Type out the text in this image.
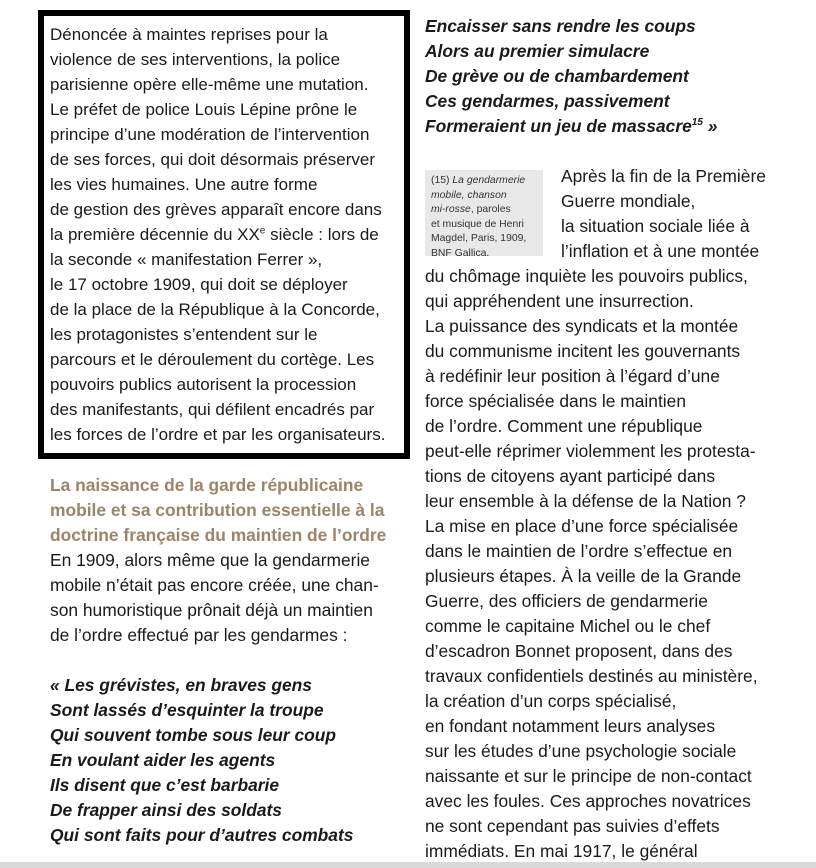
Dénoncée à maintes reprises pour la
violence de ses interventions, la police
parisienne opère elle-même une mutation.
Le préfet de police Louis Lépine prône le
principe d’une modération de l’intervention
de ses forces, qui doit désormais préserver
les vies humaines. Une autre forme
de gestion des grèves apparaît encore dans
la première décennie du XXe siècle : lors de
la seconde « manifestation Ferrer »,
le 17 octobre 1909, qui doit se déployer
de la place de la République à la Concorde,
les protagonistes s’entendent sur le
parcours et le déroulement du cortège. Les
pouvoirs publics autorisent la procession
des manifestants, qui défilent encadrés par
les forces de l’ordre et par les organisateurs.
La naissance de la garde républicaine
mobile et sa contribution essentielle à la
doctrine française du maintien de l’ordre
En 1909, alors même que la gendarmerie
mobile n’était pas encore créée, une chan-
son humoristique prônait déjà un maintien
de l’ordre effectué par les gendarmes :
« Les grévistes, en braves gens
Sont lassés d’esquinter la troupe
Qui souvent tombe sous leur coup
En voulant aider les agents
Ils disent que c’est barbarie
De frapper ainsi des soldats
Qui sont faits pour d’autres combats
Encaisser sans rendre les coups
Alors au premier simulacre
De grève ou de chambardement
Ces gendarmes, passivement
Formeraient un jeu de massacre$^{15}$ »
(15) La gendarmerie
mobile, chanson
mi-rosse, paroles
et musique de Henri
Magdel, Paris, 1909,
BNF Gallica.
Après la fin de la Première
Guerre mondiale,
la situation sociale liée à
l’inflation et à une montée
du chômage inquiète les pouvoirs publics,
qui appréhendent une insurrection.
La puissance des syndicats et la montée
du communisme incitent les gouvernants
à redéfinir leur position à l’égard d’une
force spécialisée dans le maintien
de l’ordre. Comment une république
peut-elle réprimer violemment les protesta-
tions de citoyens ayant participé dans
leur ensemble à la défense de la Nation ?
La mise en place d’une force spécialisée
dans le maintien de l’ordre s’effectue en
plusieurs étapes. À la veille de la Grande
Guerre, des officiers de gendarmerie
comme le capitaine Michel ou le chef
d’escadron Bonnet proposent, dans des
travaux confidentiels destinés au ministère,
la création d’un corps spécialisé,
en fondant notamment leurs analyses
sur les études d’une psychologie sociale
naissante et sur le principe de non-contact
avec les foules. Ces approches novatrices
ne sont cependant pas suivies d’effets
immédiats. En mai 1917, le général
